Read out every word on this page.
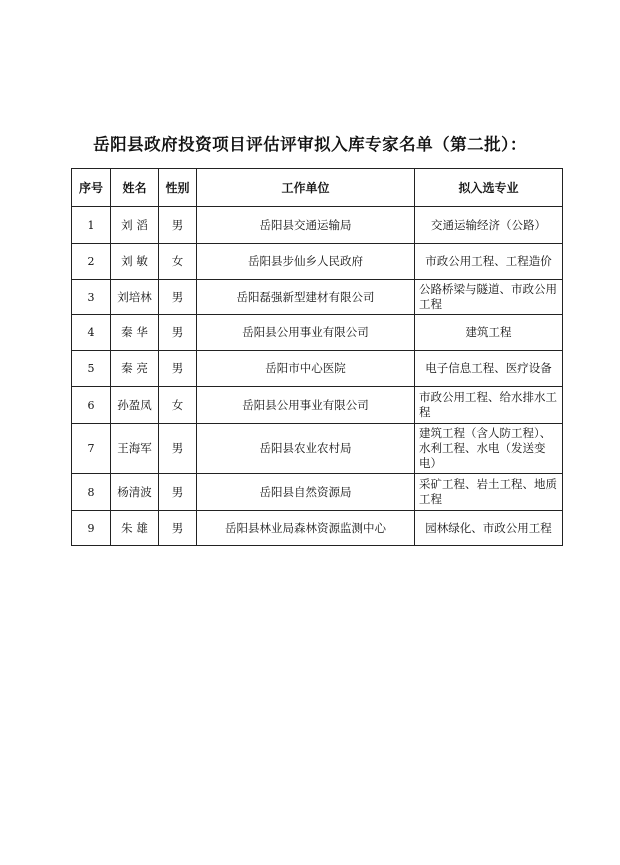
岳阳县政府投资项目评估评审拟入库专家名单（第二批）：
序号	姓名	性别	工作单位	拟入选专业
1	刘 滔	男	岳阳县交通运输局	交通运输经济（公路）
2	刘 敏	女	岳阳县步仙乡人民政府	市政公用工程、工程造价
3	刘培林	男	岳阳磊强新型建材有限公司	公路桥梁与隧道、市政公用工程
4	秦 华	男	岳阳县公用事业有限公司	建筑工程
5	秦 亮	男	岳阳市中心医院	电子信息工程、医疗设备
6	孙盈凤	女	岳阳县公用事业有限公司	市政公用工程、给水排水工程
7	王海军	男	岳阳县农业农村局	建筑工程（含人防工程）、水利工程、水电（发送变电）
8	杨清波	男	岳阳县自然资源局	采矿工程、岩土工程、地质工程
9	朱 雄	男	岳阳县林业局森林资源监测中心	园林绿化、市政公用工程
